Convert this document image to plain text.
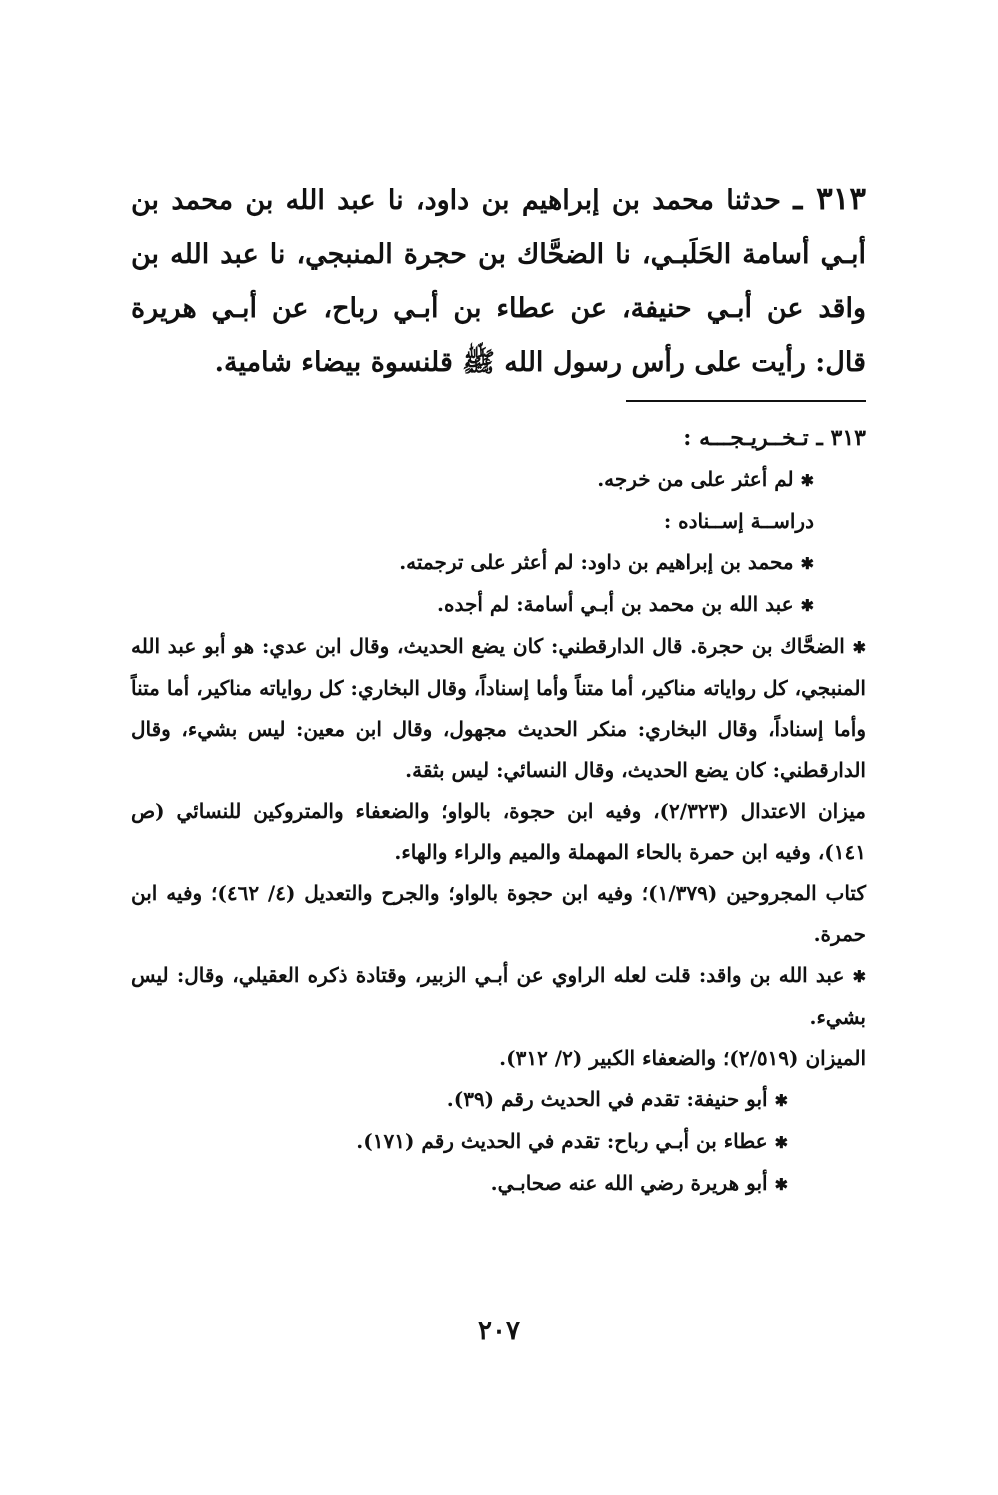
٣١٣ ـ حدثنا محمد بن إبراهيم بن داود، نا عبد الله بن محمد بن أبـي أسامة الحَلَبـي، نا الضحَّاك بن حجرة المنبجي، نا عبد الله بن واقد عن أبـي حنيفة، عن عطاء بن أبـي رباح، عن أبـي هريرة قال: رأيت على رأس رسول الله ﷺ قلنسوة بيضاء شامية.

٣١٣ ـ تـخــريـجـــه :

✱ لم أعثر على من خرجه.

دراســة إســناده :

✱ محمد بن إبراهيم بن داود: لم أعثر على ترجمته.

✱ عبد الله بن محمد بن أبـي أسامة: لم أجده.

✱ الضحَّاك بن حجرة. قال الدارقطني: كان يضع الحديث، وقال ابن عدي: هو أبو عبد الله المنبجي، كل رواياته مناكير، أما متناً وأما إسناداً، وقال البخاري: كل رواياته مناكير، أما متناً وأما إسناداً، وقال البخاري: منكر الحديث مجهول، وقال ابن معين: ليس بشيء، وقال الدارقطني: كان يضع الحديث، وقال النسائي: ليس بثقة.

ميزان الاعتدال (٢/٣٢٣)، وفيه ابن حجوة، بالواو؛ والضعفاء والمتروكين للنسائي (ص ١٤١)، وفيه ابن حمرة بالحاء المهملة والميم والراء والهاء.

كتاب المجروحين (١/٣٧٩)؛ وفيه ابن حجوة بالواو؛ والجرح والتعديل (٤/ ٤٦٢)؛ وفيه ابن حمرة.

✱ عبد الله بن واقد: قلت لعله الراوي عن أبـي الزبير، وقتادة ذكره العقيلي، وقال: ليس بشيء.

الميزان (٢/٥١٩)؛ والضعفاء الكبير (٢/ ٣١٢).

✱ أبو حنيفة: تقدم في الحديث رقم (٣٩).

✱ عطاء بن أبـي رباح: تقدم في الحديث رقم (١٧١).

✱ أبو هريرة رضي الله عنه صحابـي.

٢٠٧
